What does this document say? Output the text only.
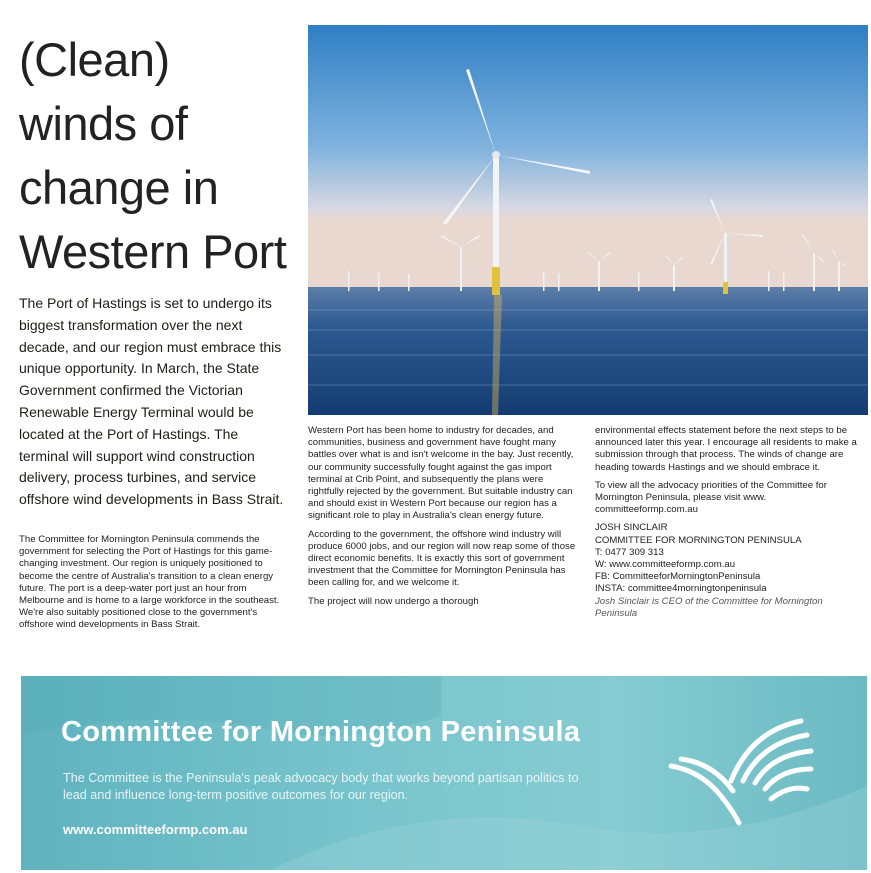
(Clean)
winds of
change in
Western Port

The Port of Hastings is set to undergo its biggest transformation over the next decade, and our region must embrace this unique opportunity. In March, the State Government confirmed the Victorian Renewable Energy Terminal would be located at the Port of Hastings. The terminal will support wind construction delivery, process turbines, and service offshore wind developments in Bass Strait.

The Committee for Mornington Peninsula commends the government for selecting the Port of Hastings for this game-changing investment. Our region is uniquely positioned to become the centre of Australia's transition to a clean energy future. The port is a deep-water port just an hour from Melbourne and is home to a large workforce in the southeast. We're also suitably positioned close to the government's offshore wind developments in Bass Strait.

Western Port has been home to industry for decades, and communities, business and government have fought many battles over what is and isn't welcome in the bay. Just recently, our community successfully fought against the gas import terminal at Crib Point, and subsequently the plans were rightfully rejected by the government. But suitable industry can and should exist in Western Port because our region has a significant role to play in Australia's clean energy future.

According to the government, the offshore wind industry will produce 6000 jobs, and our region will now reap some of those direct economic benefits. It is exactly this sort of government investment that the Committee for Mornington Peninsula has been calling for, and we welcome it.

The project will now undergo a thorough

environmental effects statement before the next steps to be announced later this year. I encourage all residents to make a submission through that process. The winds of change are heading towards Hastings and we should embrace it.

To view all the advocacy priorities of the Committee for Mornington Peninsula, please visit www. committeeformp.com.au

JOSH SINCLAIR

COMMITTEE FOR MORNINGTON PENINSULA

T: 0477 309 313

W: www.committeeformp.com.au

FB: CommitteeforMorningtonPeninsula

INSTA: committee4morningtonpeninsula

Josh Sinclair is CEO of the Committee for Mornington Peninsula

Committee for Mornington Peninsula

The Committee is the Peninsula's peak advocacy body that works beyond partisan politics to lead and influence long-term positive outcomes for our region.

www.committeeformp.com.au
